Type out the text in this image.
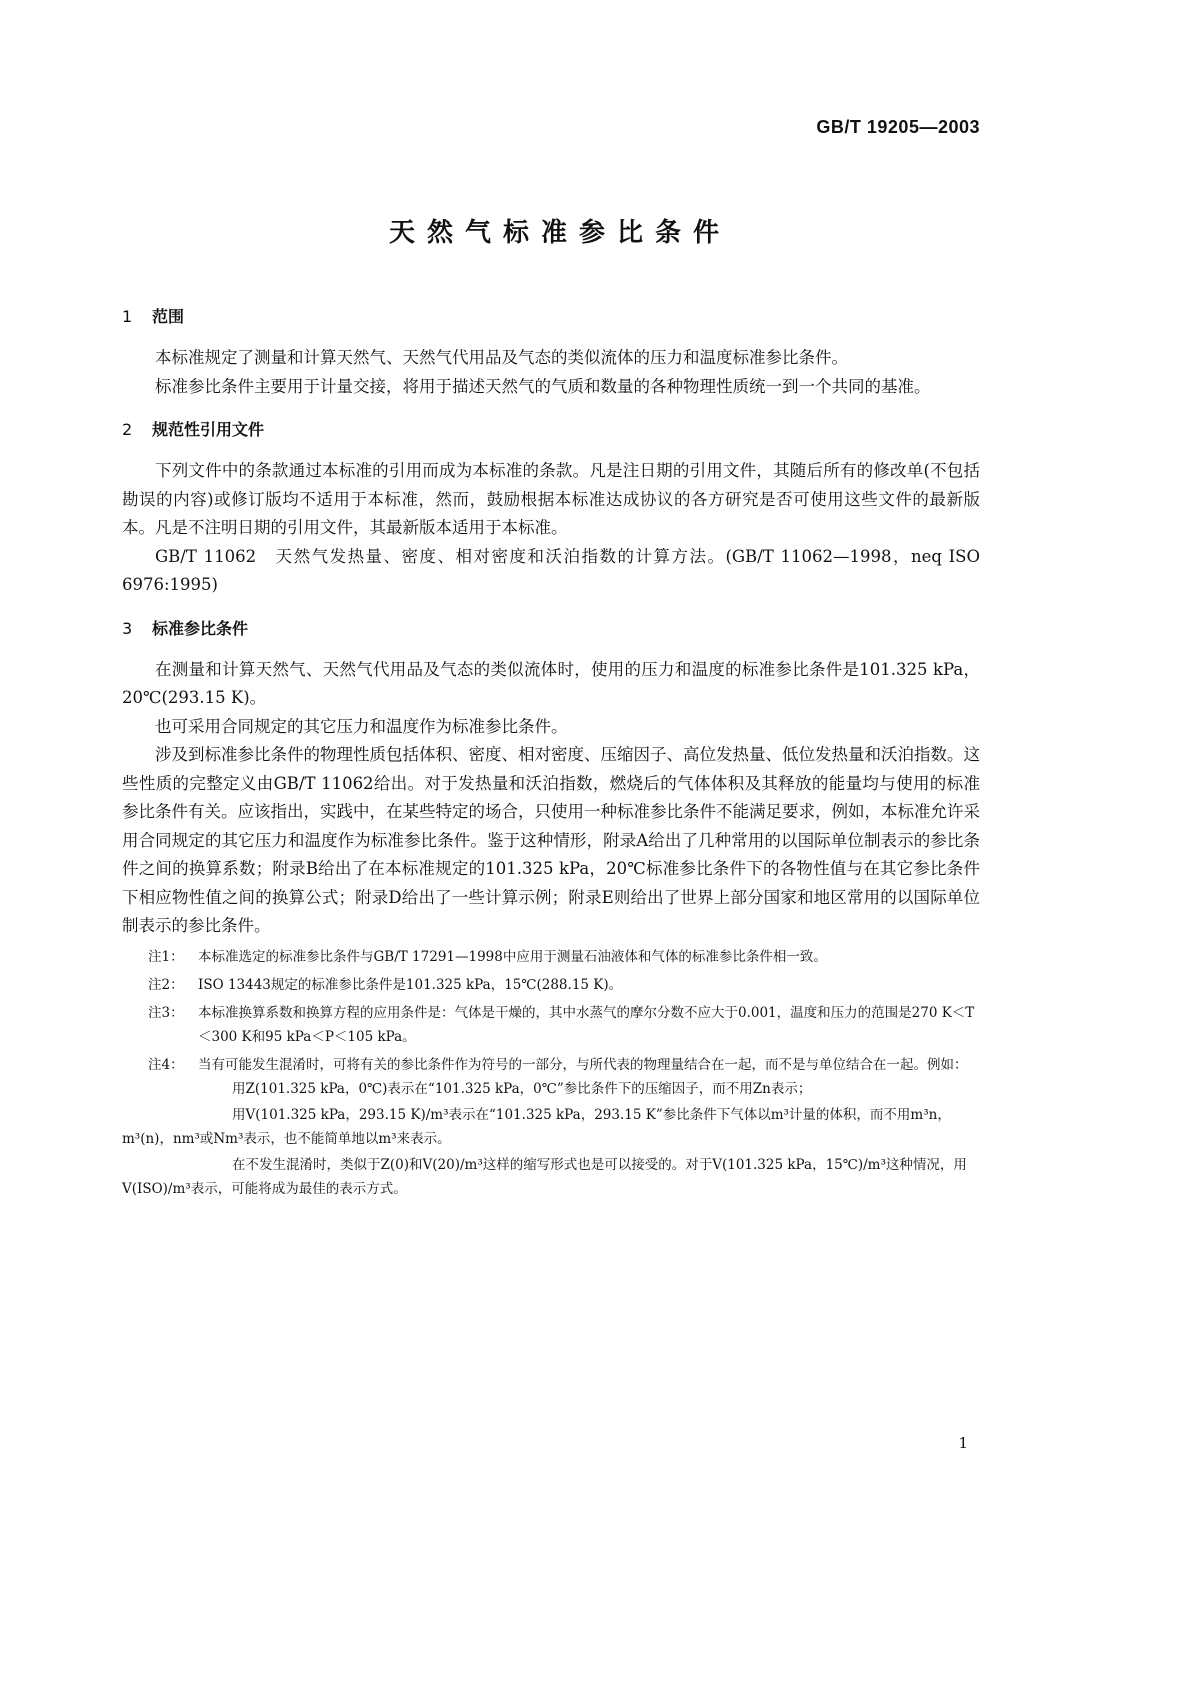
GB/T 19205—2003
天然气标准参比条件
1 范围

本标准规定了测量和计算天然气、天然气代用品及气态的类似流体的压力和温度标准参比条件。

标准参比条件主要用于计量交接，将用于描述天然气的气质和数量的各种物理性质统一到一个共同的基准。

2 规范性引用文件

下列文件中的条款通过本标准的引用而成为本标准的条款。凡是注日期的引用文件，其随后所有的修改单(不包括勘误的内容)或修订版均不适用于本标准，然而，鼓励根据本标准达成协议的各方研究是否可使用这些文件的最新版本。凡是不注明日期的引用文件，其最新版本适用于本标准。

GB/T 11062　天然气发热量、密度、相对密度和沃泊指数的计算方法。(GB/T 11062—1998，neq ISO 6976:1995)

3 标准参比条件

在测量和计算天然气、天然气代用品及气态的类似流体时，使用的压力和温度的标准参比条件是101.325 kPa，20℃(293.15 K)。

也可采用合同规定的其它压力和温度作为标准参比条件。

涉及到标准参比条件的物理性质包括体积、密度、相对密度、压缩因子、高位发热量、低位发热量和沃泊指数。这些性质的完整定义由GB/T 11062给出。对于发热量和沃泊指数，燃烧后的气体体积及其释放的能量均与使用的标准参比条件有关。应该指出，实践中，在某些特定的场合，只使用一种标准参比条件不能满足要求，例如，本标准允许采用合同规定的其它压力和温度作为标准参比条件。鉴于这种情形，附录A给出了几种常用的以国际单位制表示的参比条件之间的换算系数；附录B给出了在本标准规定的101.325 kPa，20℃标准参比条件下的各物性值与在其它参比条件下相应物性值之间的换算公式；附录D给出了一些计算示例；附录E则给出了世界上部分国家和地区常用的以国际单位制表示的参比条件。

注1： 本标准选定的标准参比条件与GB/T 17291—1998中应用于测量石油液体和气体的标准参比条件相一致。
注2： ISO 13443规定的标准参比条件是101.325 kPa，15℃(288.15 K)。
注3： 本标准换算系数和换算方程的应用条件是：气体是干燥的，其中水蒸气的摩尔分数不应大于0.001，温度和压力的范围是270 K＜T＜300 K和95 kPa＜P＜105 kPa。
注4： 当有可能发生混淆时，可将有关的参比条件作为符号的一部分，与所代表的物理量结合在一起，而不是与单位结合在一起。例如：
用Z(101.325 kPa，0℃)表示在“101.325 kPa，0℃”参比条件下的压缩因子，而不用Zn表示；
用V(101.325 kPa，293.15 K)/m³表示在“101.325 kPa，293.15 K”参比条件下气体以m³计量的体积，而不用m³n，m³(n)，nm³或Nm³表示，也不能简单地以m³来表示。
在不发生混淆时，类似于Z(0)和V(20)/m³这样的缩写形式也是可以接受的。对于V(101.325 kPa，15℃)/m³这种情况，用V(ISO)/m³表示，可能将成为最佳的表示方式。
1
